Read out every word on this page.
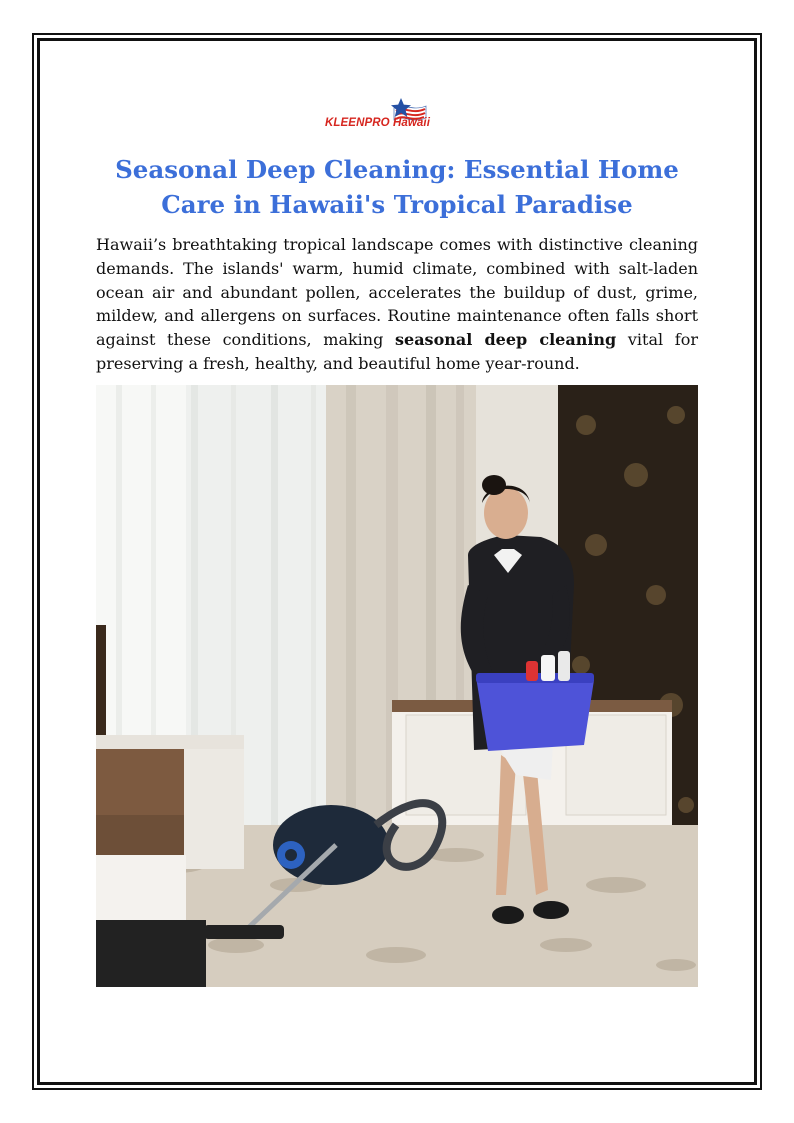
KLEENPRO Hawaii
Seasonal Deep Cleaning: Essential Home Care in Hawaii's Tropical Paradise

Hawaii’s breathtaking tropical landscape comes with distinctive cleaning demands. The islands' warm, humid climate, combined with salt-laden ocean air and abundant pollen, accelerates the buildup of dust, grime, mildew, and allergens on surfaces. Routine maintenance often falls short against these conditions, making seasonal deep cleaning vital for preserving a fresh, healthy, and beautiful home year-round.
